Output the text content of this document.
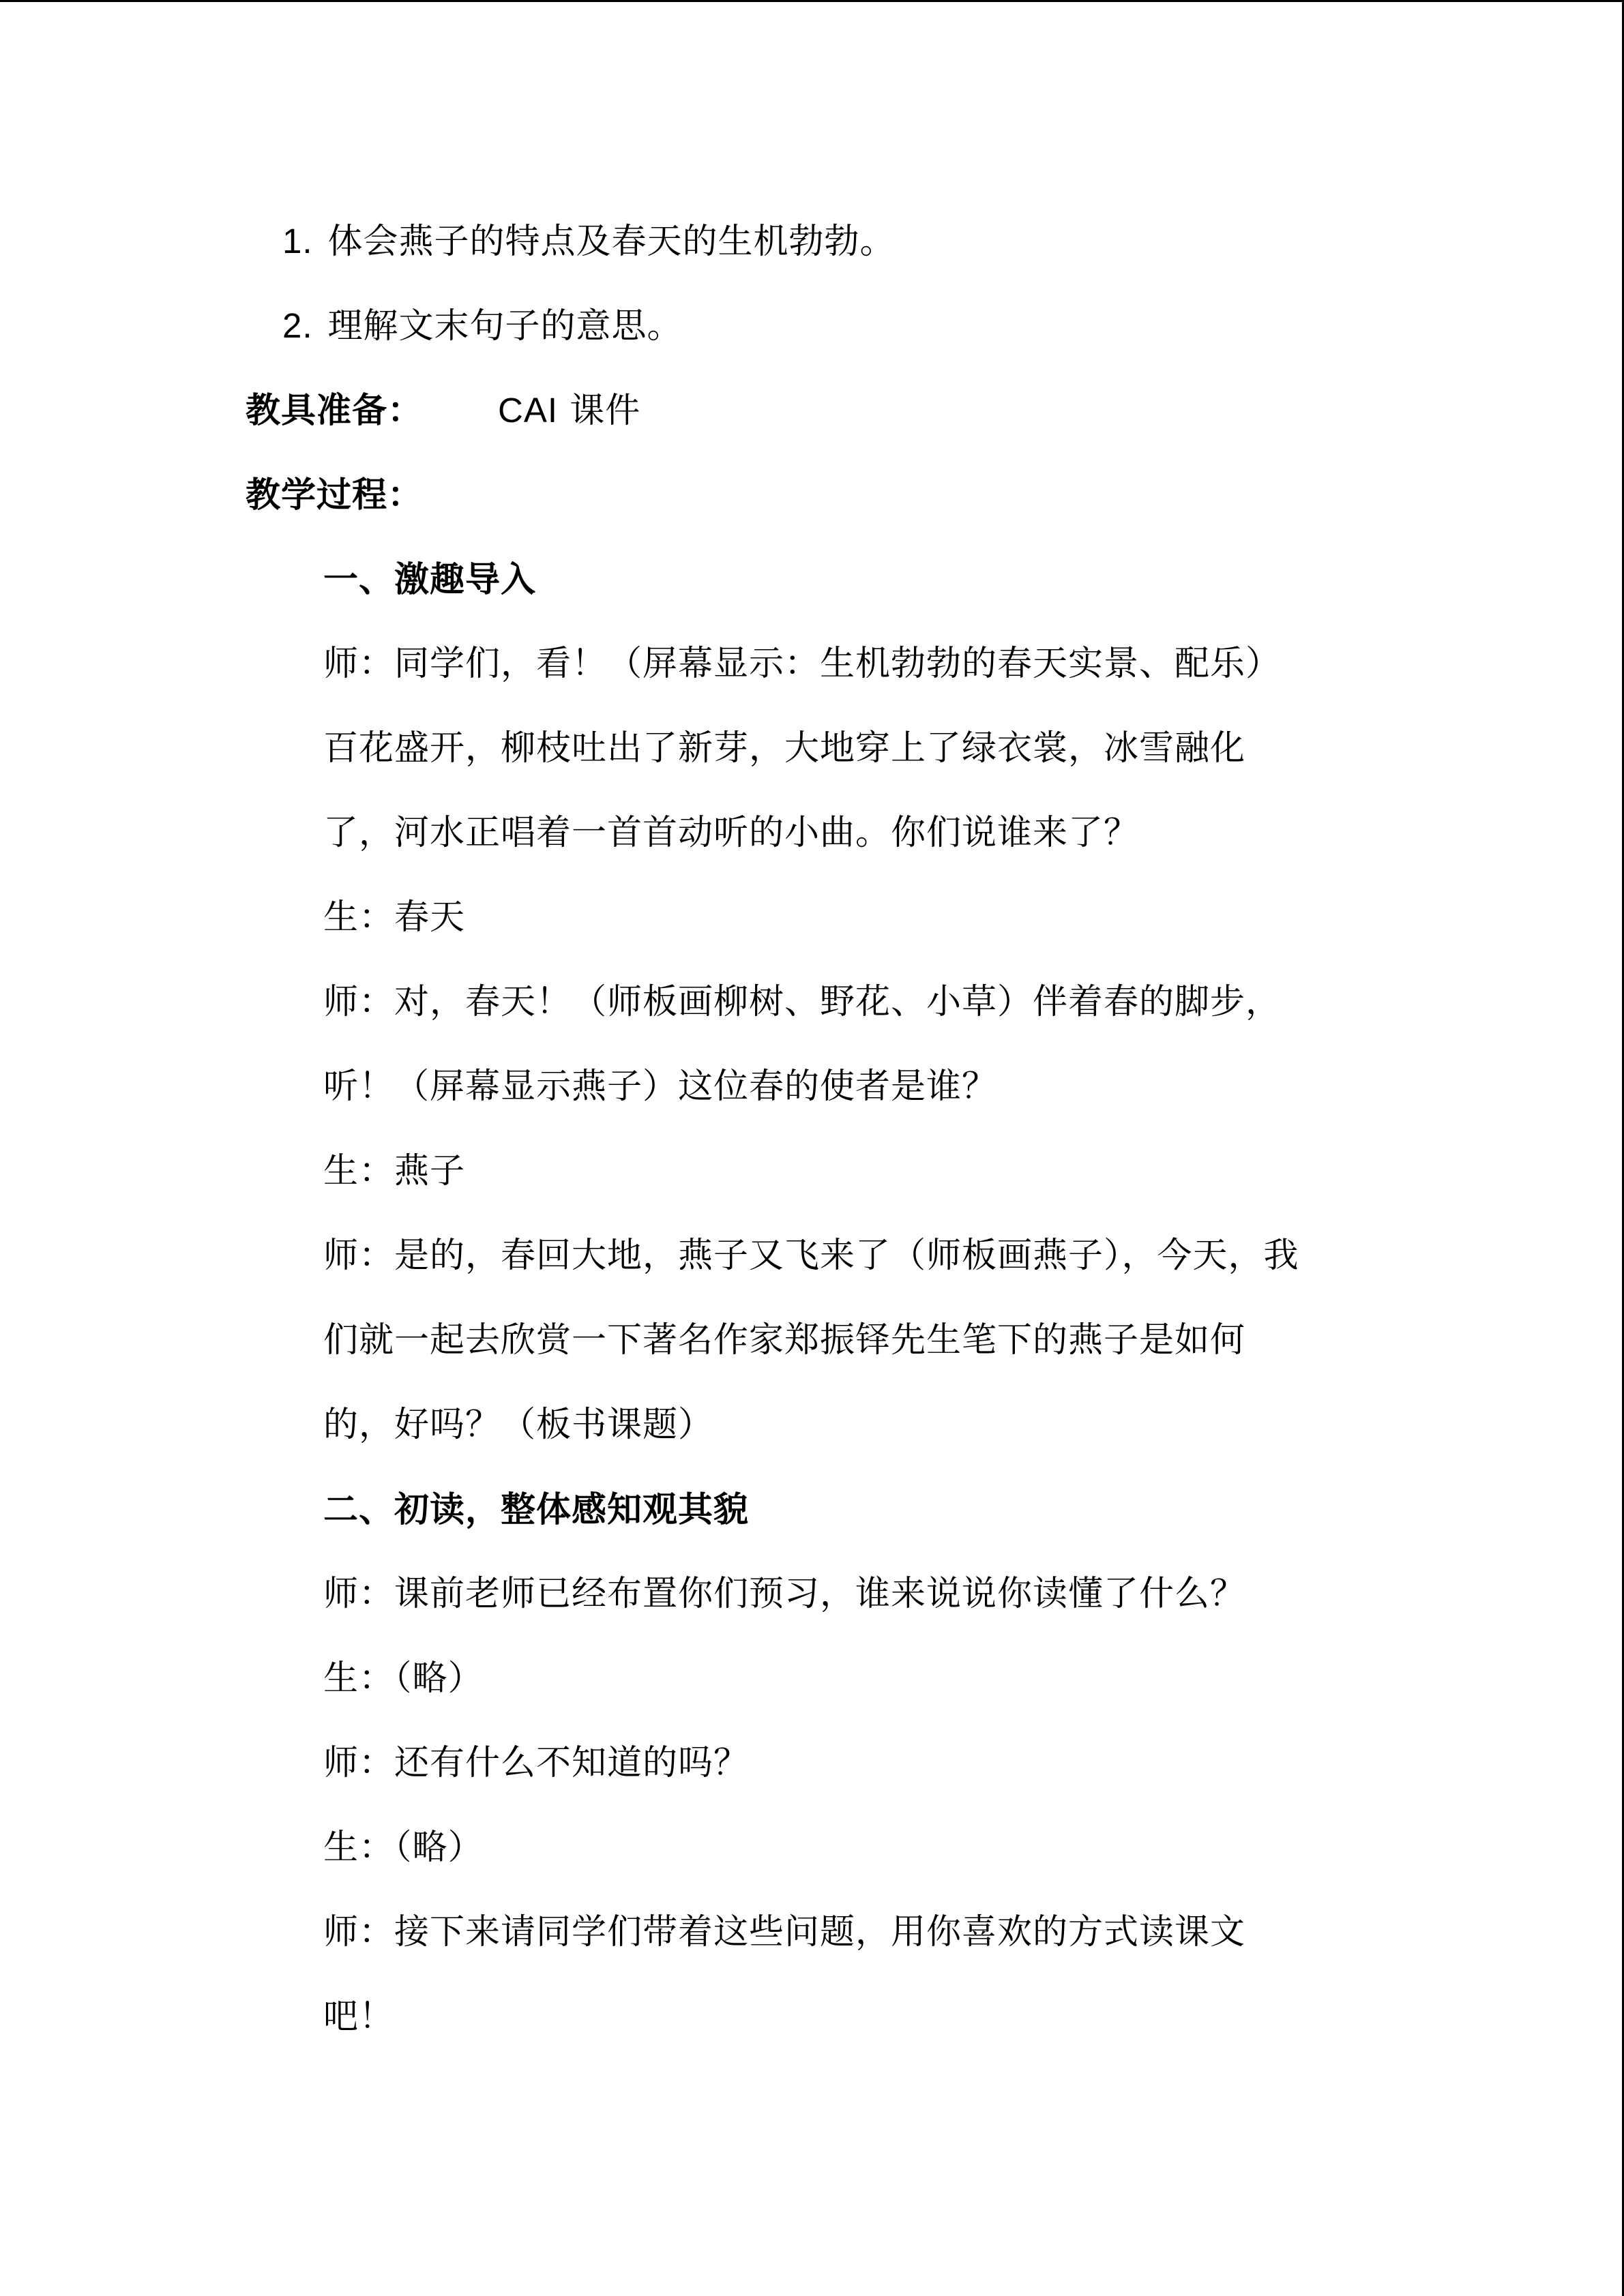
1. 体会燕子的特点及春天的生机勃勃。
2. 理解文末句子的意思。
教具准备： CAI 课件
教学过程：
一、激趣导入
师：同学们，看！（屏幕显示：生机勃勃的春天实景、配乐）
百花盛开，柳枝吐出了新芽，大地穿上了绿衣裳，冰雪融化
了，河水正唱着一首首动听的小曲。你们说谁来了？
生：春天
师：对，春天！（师板画柳树、野花、小草）伴着春的脚步，
听！（屏幕显示燕子）这位春的使者是谁？
生：燕子
师：是的，春回大地，燕子又飞来了（师板画燕子），今天，我
们就一起去欣赏一下著名作家郑振铎先生笔下的燕子是如何
的，好吗？（板书课题）
二、初读，整体感知观其貌
师：课前老师已经布置你们预习，谁来说说你读懂了什么？
生：（略）
师：还有什么不知道的吗？
生：（略）
师：接下来请同学们带着这些问题，用你喜欢的方式读课文
吧！
